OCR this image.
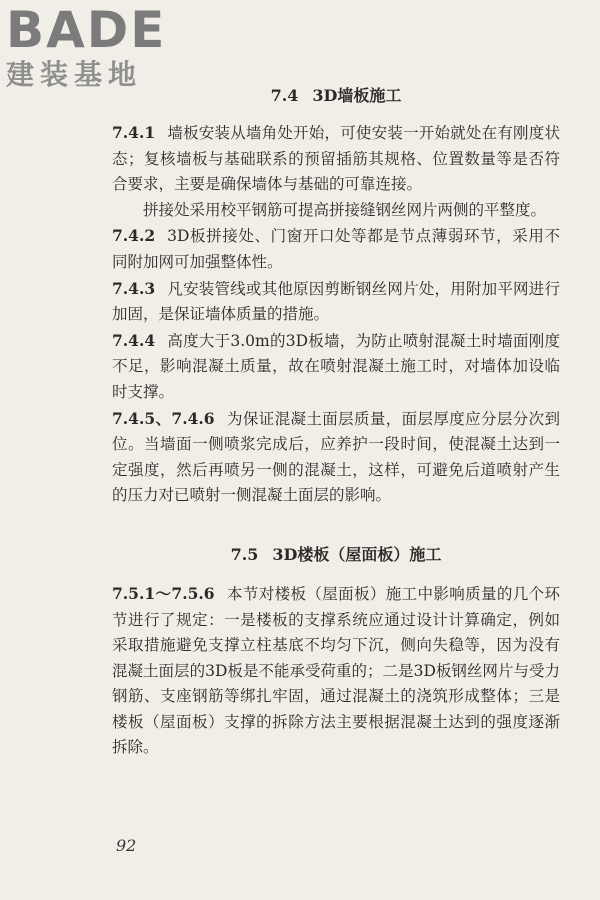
BADE
建装基地

7.4 3D墙板施工

7.4.1 墙板安装从墙角处开始，可使安装一开始就处在有刚度状态；复核墙板与基础联系的预留插筋其规格、位置数量等是否符合要求，主要是确保墙体与基础的可靠连接。

拼接处采用校平钢筋可提高拼接缝钢丝网片两侧的平整度。

7.4.2 3D板拼接处、门窗开口处等都是节点薄弱环节，采用不同附加网可加强整体性。

7.4.3 凡安装管线或其他原因剪断钢丝网片处，用附加平网进行加固，是保证墙体质量的措施。

7.4.4 高度大于3.0m的3D板墙，为防止喷射混凝土时墙面刚度不足，影响混凝土质量，故在喷射混凝土施工时，对墙体加设临时支撑。

7.4.5、7.4.6 为保证混凝土面层质量，面层厚度应分层分次到位。当墙面一侧喷浆完成后，应养护一段时间，使混凝土达到一定强度，然后再喷另一侧的混凝土，这样，可避免后道喷射产生的压力对已喷射一侧混凝土面层的影响。

7.5 3D楼板（屋面板）施工

7.5.1～7.5.6 本节对楼板（屋面板）施工中影响质量的几个环节进行了规定：一是楼板的支撑系统应通过设计计算确定，例如采取措施避免支撑立柱基底不均匀下沉，侧向失稳等，因为没有混凝土面层的3D板是不能承受荷重的；二是3D板钢丝网片与受力钢筋、支座钢筋等绑扎牢固，通过混凝土的浇筑形成整体；三是楼板（屋面板）支撑的拆除方法主要根据混凝土达到的强度逐渐拆除。

92
